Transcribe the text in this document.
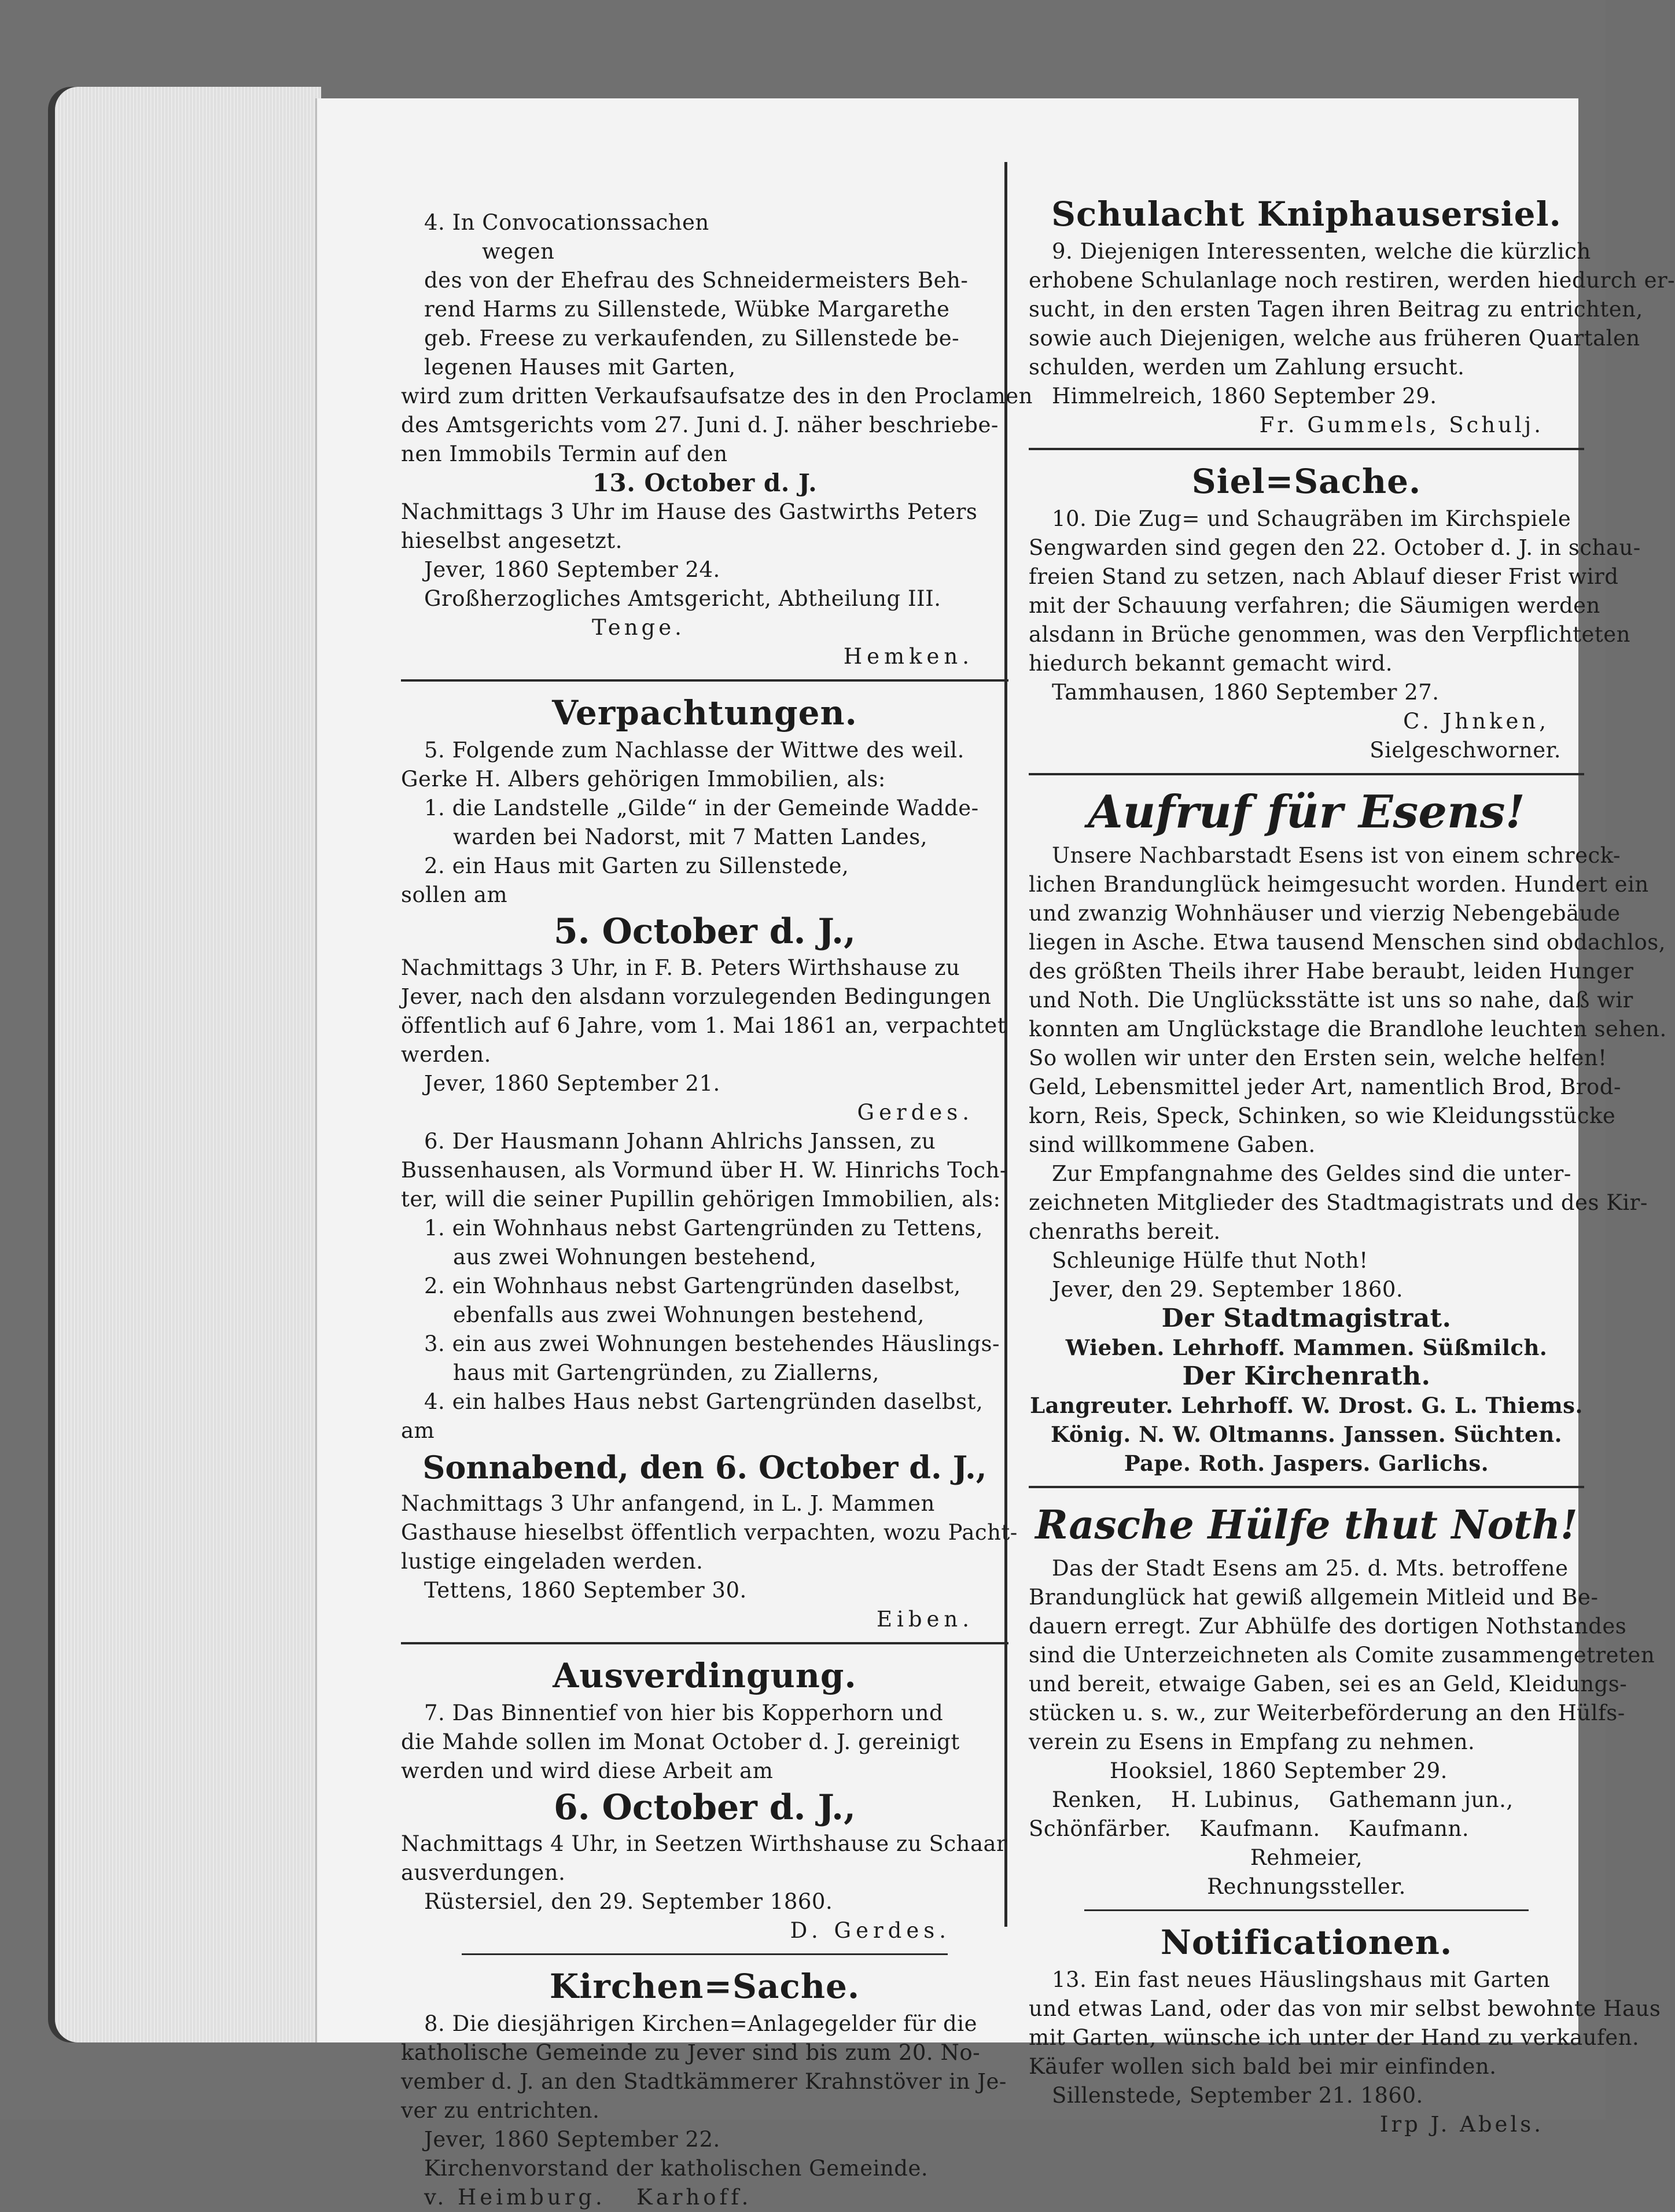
4. In Convocationssachen

wegen

des von der Ehefrau des Schneidermeisters Beh-

rend Harms zu Sillenstede, Wübke Margarethe

geb. Freese zu verkaufenden, zu Sillenstede be-

legenen Hauses mit Garten,

wird zum dritten Verkaufsaufsatze des in den Proclamen

des Amtsgerichts vom 27. Juni d. J. näher beschriebe-

nen Immobils Termin auf den

13. October d. J.

Nachmittags 3 Uhr im Hause des Gastwirths Peters

hieselbst angesetzt.

Jever, 1860 September 24.

Großherzogliches Amtsgericht, Abtheilung III.

Tenge.

Hemken.

Verpachtungen.

5. Folgende zum Nachlasse der Wittwe des weil.

Gerke H. Albers gehörigen Immobilien, als:

1. die Landstelle „Gilde“ in der Gemeinde Wadde-

warden bei Nadorst, mit 7 Matten Landes,

2. ein Haus mit Garten zu Sillenstede,

sollen am

5. October d. J.,

Nachmittags 3 Uhr, in F. B. Peters Wirthshause zu

Jever, nach den alsdann vorzulegenden Bedingungen

öffentlich auf 6 Jahre, vom 1. Mai 1861 an, verpachtet

werden.

Jever, 1860 September 21.

Gerdes.

6. Der Hausmann Johann Ahlrichs Janssen, zu

Bussenhausen, als Vormund über H. W. Hinrichs Toch-

ter, will die seiner Pupillin gehörigen Immobilien, als:

1. ein Wohnhaus nebst Gartengründen zu Tettens,

aus zwei Wohnungen bestehend,

2. ein Wohnhaus nebst Gartengründen daselbst,

ebenfalls aus zwei Wohnungen bestehend,

3. ein aus zwei Wohnungen bestehendes Häuslings-

haus mit Gartengründen, zu Ziallerns,

4. ein halbes Haus nebst Gartengründen daselbst,

am

Sonnabend, den 6. October d. J.,

Nachmittags 3 Uhr anfangend, in L. J. Mammen

Gasthause hieselbst öffentlich verpachten, wozu Pacht-

lustige eingeladen werden.

Tettens, 1860 September 30.

Eiben.

Ausverdingung.

7. Das Binnentief von hier bis Kopperhorn und

die Mahde sollen im Monat October d. J. gereinigt

werden und wird diese Arbeit am

6. October d. J.,

Nachmittags 4 Uhr, in Seetzen Wirthshause zu Schaar

ausverdungen.

Rüstersiel, den 29. September 1860.

D. Gerdes.

Kirchen=Sache.

8. Die diesjährigen Kirchen=Anlagegelder für die

katholische Gemeinde zu Jever sind bis zum 20. No-

vember d. J. an den Stadtkämmerer Krahnstöver in Je-

ver zu entrichten.

Jever, 1860 September 22.

Kirchenvorstand der katholischen Gemeinde.

v. Heimburg.   Karhoff.

Schulacht Kniphausersiel.

9. Diejenigen Interessenten, welche die kürzlich

erhobene Schulanlage noch restiren, werden hiedurch er-

sucht, in den ersten Tagen ihren Beitrag zu entrichten,

sowie auch Diejenigen, welche aus früheren Quartalen

schulden, werden um Zahlung ersucht.

Himmelreich, 1860 September 29.

Fr. Gummels, Schulj.

Siel=Sache.

10. Die Zug= und Schaugräben im Kirchspiele

Sengwarden sind gegen den 22. October d. J. in schau-

freien Stand zu setzen, nach Ablauf dieser Frist wird

mit der Schauung verfahren; die Säumigen werden

alsdann in Brüche genommen, was den Verpflichteten

hiedurch bekannt gemacht wird.

Tammhausen, 1860 September 27.

C. Jhnken,

Sielgeschworner.

Aufruf für Esens!

Unsere Nachbarstadt Esens ist von einem schreck-

lichen Brandunglück heimgesucht worden. Hundert ein

und zwanzig Wohnhäuser und vierzig Nebengebäude

liegen in Asche. Etwa tausend Menschen sind obdachlos,

des größten Theils ihrer Habe beraubt, leiden Hunger

und Noth. Die Unglücksstätte ist uns so nahe, daß wir

konnten am Unglückstage die Brandlohe leuchten sehen.

So wollen wir unter den Ersten sein, welche helfen!

Geld, Lebensmittel jeder Art, namentlich Brod, Brod-

korn, Reis, Speck, Schinken, so wie Kleidungsstücke

sind willkommene Gaben.

Zur Empfangnahme des Geldes sind die unter-

zeichneten Mitglieder des Stadtmagistrats und des Kir-

chenraths bereit.

Schleunige Hülfe thut Noth!

Jever, den 29. September 1860.

Der Stadtmagistrat.

Wieben. Lehrhoff. Mammen. Süßmilch.

Der Kirchenrath.

Langreuter. Lehrhoff. W. Drost. G. L. Thiems.

König. N. W. Oltmanns. Janssen. Süchten.

Pape. Roth. Jaspers. Garlichs.

Rasche Hülfe thut Noth!

Das der Stadt Esens am 25. d. Mts. betroffene

Brandunglück hat gewiß allgemein Mitleid und Be-

dauern erregt. Zur Abhülfe des dortigen Nothstandes

sind die Unterzeichneten als Comite zusammengetreten

und bereit, etwaige Gaben, sei es an Geld, Kleidungs-

stücken u. s. w., zur Weiterbeförderung an den Hülfs-

verein zu Esens in Empfang zu nehmen.

Hooksiel, 1860 September 29.

Renken,    H. Lubinus,    Gathemann jun.,

Schönfärber.    Kaufmann.    Kaufmann.

Rehmeier,

Rechnungssteller.

Notificationen.

13. Ein fast neues Häuslingshaus mit Garten

und etwas Land, oder das von mir selbst bewohnte Haus

mit Garten, wünsche ich unter der Hand zu verkaufen.

Käufer wollen sich bald bei mir einfinden.

Sillenstede, September 21. 1860.

Irp J. Abels.
